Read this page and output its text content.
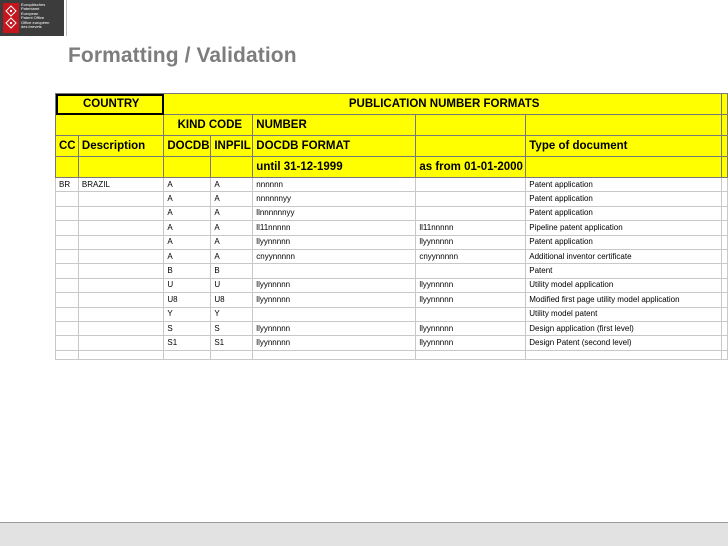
Europäisches
Patentamt
European
Patent Office
Office européen
des brevets
Formatting / Validation
COUNTRY		PUBLICATION NUMBER FORMATS					
		KIND CODE		NUMBER			
CC	Description	DOCDB	INPFIL	DOCDB FORMAT		Type of document	
				until 31-12-1999	as from 01-01-2000		
BR	BRAZIL	A	A	nnnnnn		Patent application	
		A	A	nnnnnnyy		Patent application	
		A	A	llnnnnnnyy		Patent application	
		A	A	ll11nnnnn	ll11nnnnn	Pipeline patent application	
		A	A	llyynnnnn	llyynnnnn	Patent application	
		A	A	cnyynnnnn	cnyynnnnn	Additional inventor certificate	
		B	B			Patent	
		U	U	llyynnnnn	llyynnnnn	Utility model application	
		U8	U8	llyynnnnn	llyynnnnn	Modified first page utility model application	
		Y	Y			Utility model patent	
		S	S	llyynnnnn	llyynnnnn	Design application (first level)	
		S1	S1	llyynnnnn	llyynnnnn	Design Patent (second level)	
